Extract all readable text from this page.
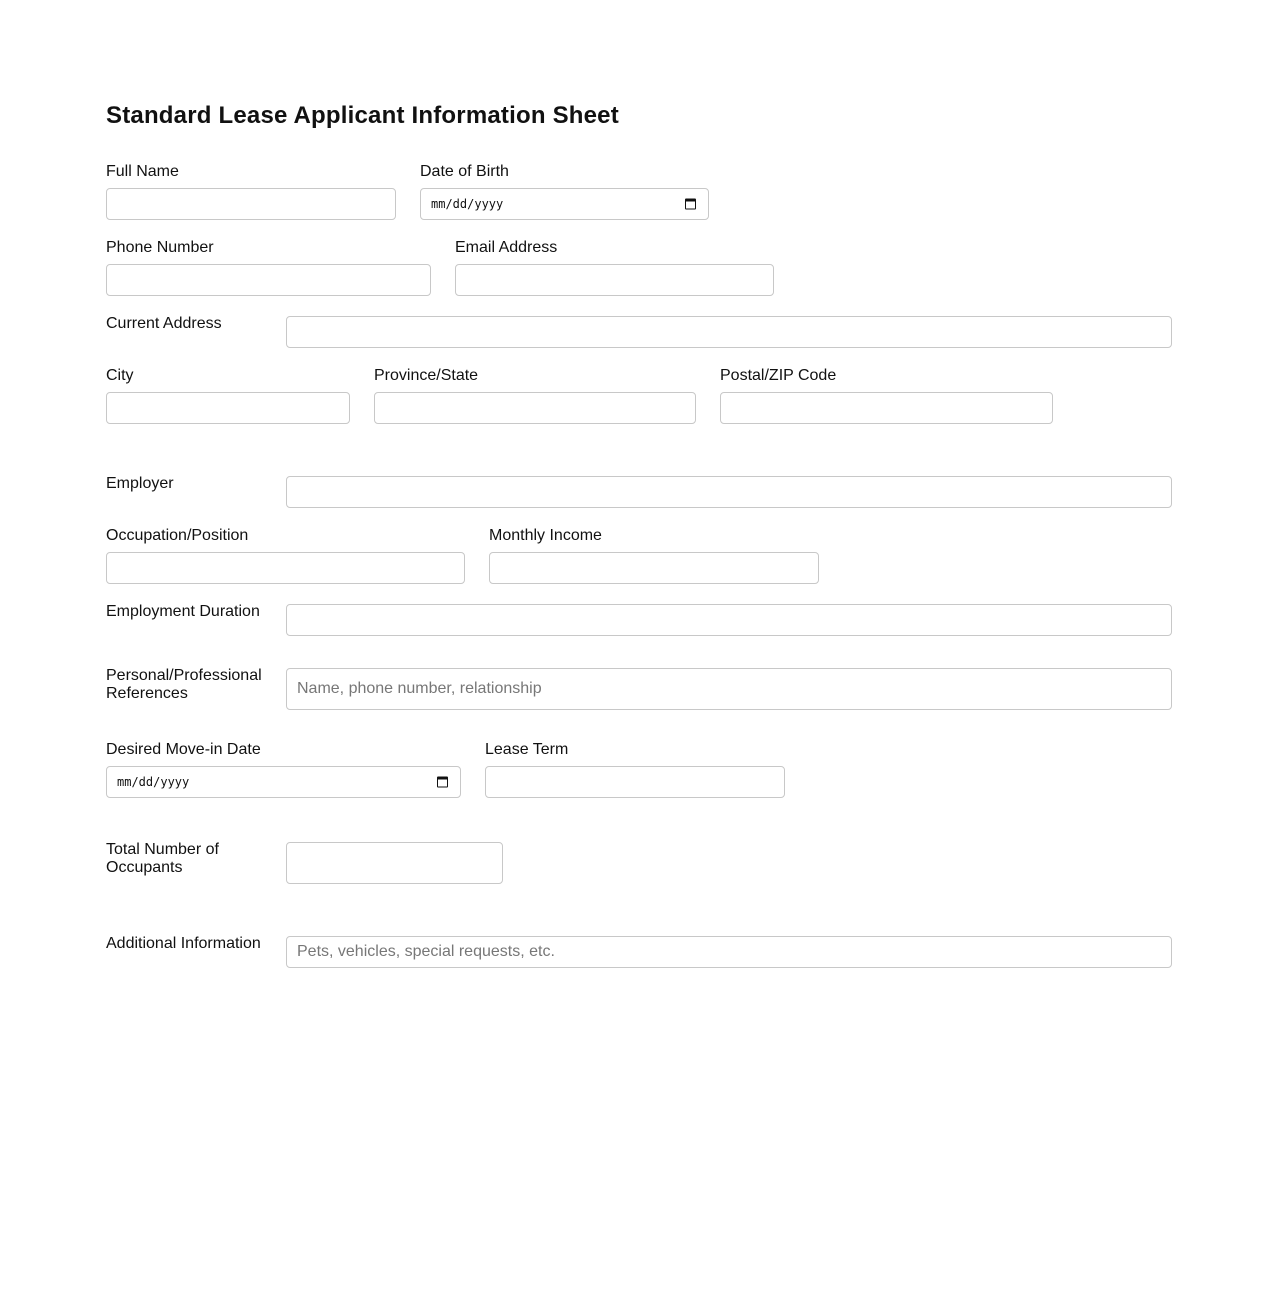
Standard Lease Applicant Information Sheet
Full Name	Date of Birth
mm/dd/yyyy
Phone Number	Email Address
Current Address
City	Province/State	Postal/ZIP Code
Employer
Occupation/Position	Monthly Income
Employment Duration
Personal/Professional
References	Name, phone number, relationship
Desired Move-in Date
mm/dd/yyyy
Lease Term
Total Number of
Occupants
Additional Information Pets, vehicles, special requests, etc.
